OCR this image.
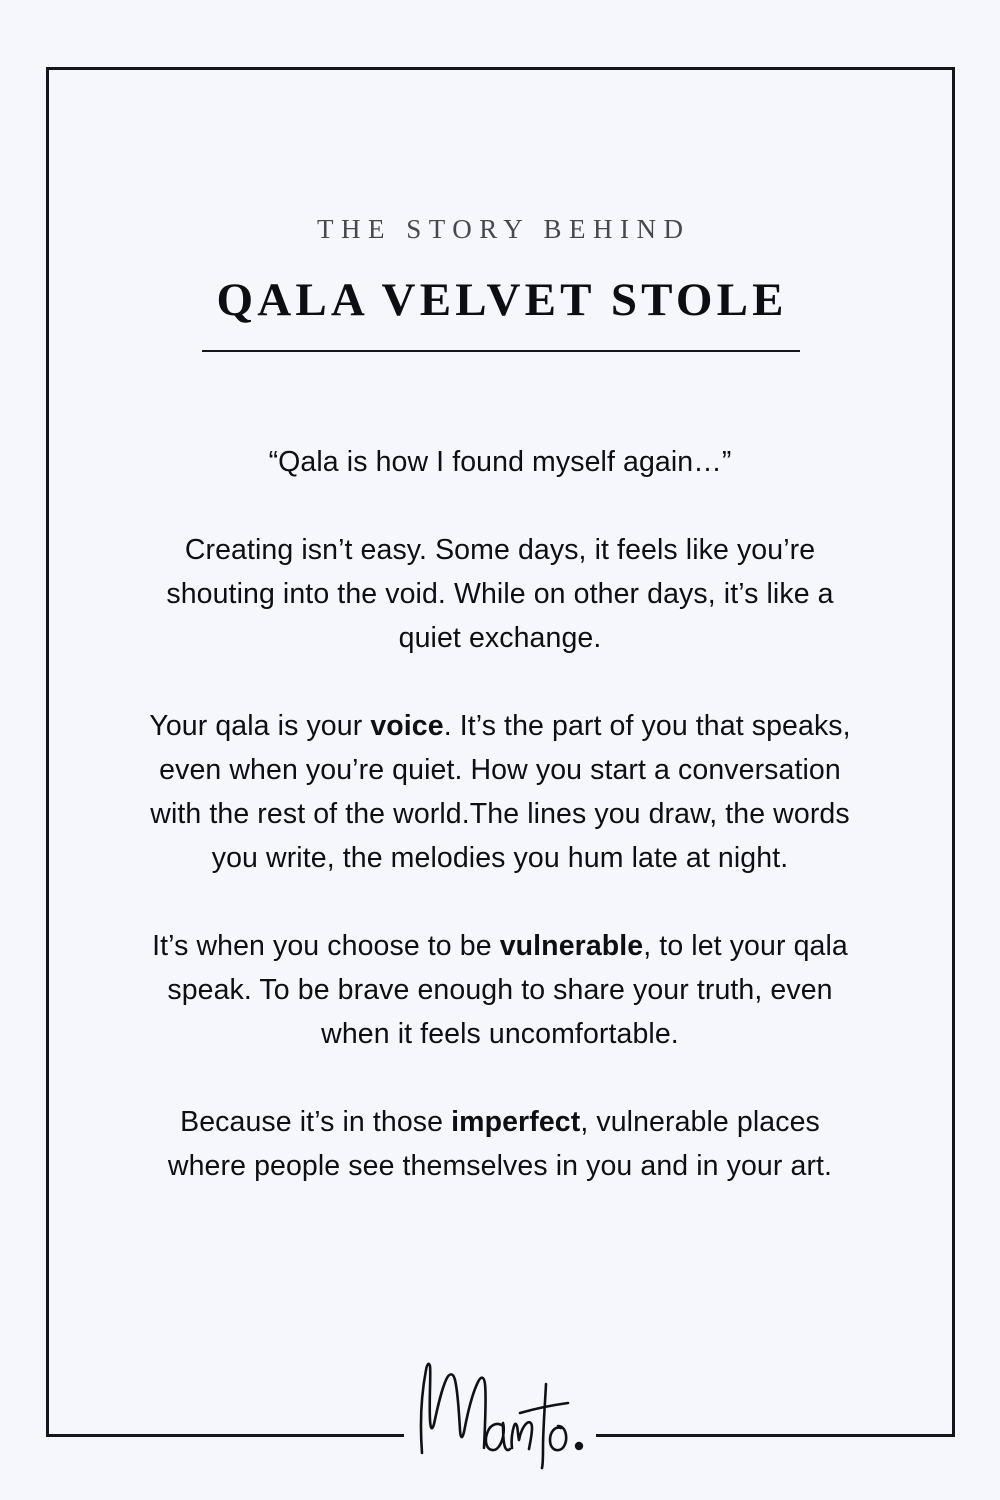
THE STORY BEHIND
QALA VELVET STOLE

“Qala is how I found myself again…”

Creating isn’t easy. Some days, it feels like you’re shouting into the void. While on other days, it’s like a quiet exchange.

Your qala is your voice. It’s the part of you that speaks, even when you’re quiet. How you start a conversation with the rest of the world.The lines you draw, the words you write, the melodies you hum late at night.

It’s when you choose to be vulnerable, to let your qala speak. To be brave enough to share your truth, even when it feels uncomfortable.

Because it’s in those imperfect, vulnerable places where people see themselves in you and in your art.
